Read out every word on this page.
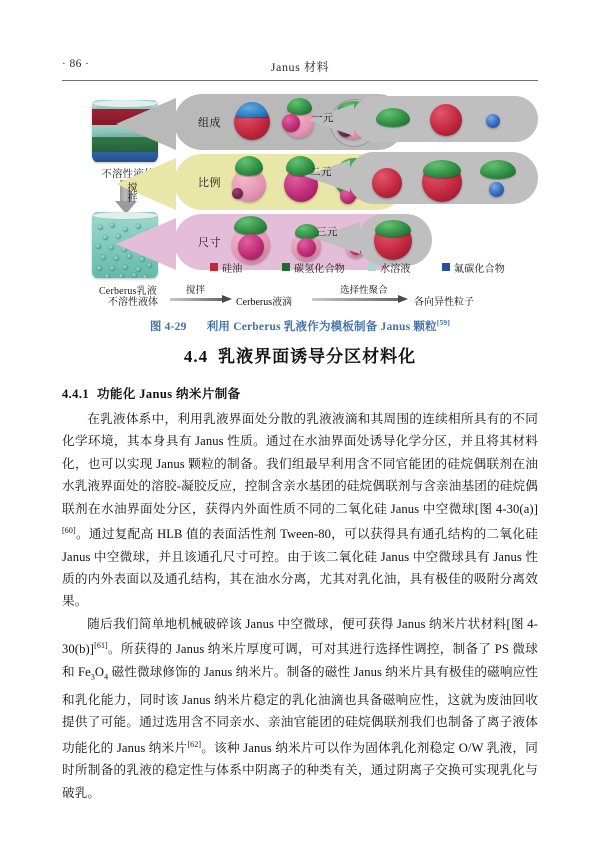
· 86 ·	Janus 材料
不溶性液体
搅拌
Cerberus乳液
组成
比例
尺寸
一元
二元
三元
硅油	碳氢化合物	水溶液	氟碳化合物
不溶性液体
搅拌
Cerberus液滴
选择性聚合
各向异性粒子
图 4-29 利用 Cerberus 乳液作为模板制备 Janus 颗粒[59]
4.4 乳液界面诱导分区材料化
4.4.1 功能化 Janus 纳米片制备

在乳液体系中，利用乳液界面处分散的乳液液滴和其周围的连续相所具有的不同化学环境，其本身具有 Janus 性质。通过在水油界面处诱导化学分区，并且将其材料化，也可以实现 Janus 颗粒的制备。我们组最早利用含不同官能团的硅烷偶联剂在油水乳液界面处的溶胶-凝胶反应，控制含亲水基团的硅烷偶联剂与含亲油基团的硅烷偶联剂在水油界面处分区，获得内外面性质不同的二氧化硅 Janus 中空微球[图 4-30(a)][60]。通过复配高 HLB 值的表面活性剂 Tween-80，可以获得具有通孔结构的二氧化硅 Janus 中空微球，并且该通孔尺寸可控。由于该二氧化硅 Janus 中空微球具有 Janus 性质的内外表面以及通孔结构，其在油水分离，尤其对乳化油，具有极佳的吸附分离效果。

随后我们简单地机械破碎该 Janus 中空微球，便可获得 Janus 纳米片状材料[图 4-30(b)][61]。所获得的 Janus 纳米片厚度可调，可对其进行选择性调控，制备了 PS 微球和 $Fe_3O_4$ 磁性微球修饰的 Janus 纳米片。制备的磁性 Janus 纳米片具有极佳的磁响应性和乳化能力，同时该 Janus 纳米片稳定的乳化油滴也具备磁响应性，这就为废油回收提供了可能。通过选用含不同亲水、亲油官能团的硅烷偶联剂我们也制备了离子液体功能化的 Janus 纳米片[62]。该种 Janus 纳米片可以作为固体乳化剂稳定 O/W 乳液，同时所制备的乳液的稳定性与体系中阴离子的种类有关，通过阴离子交换可实现乳化与破乳。
